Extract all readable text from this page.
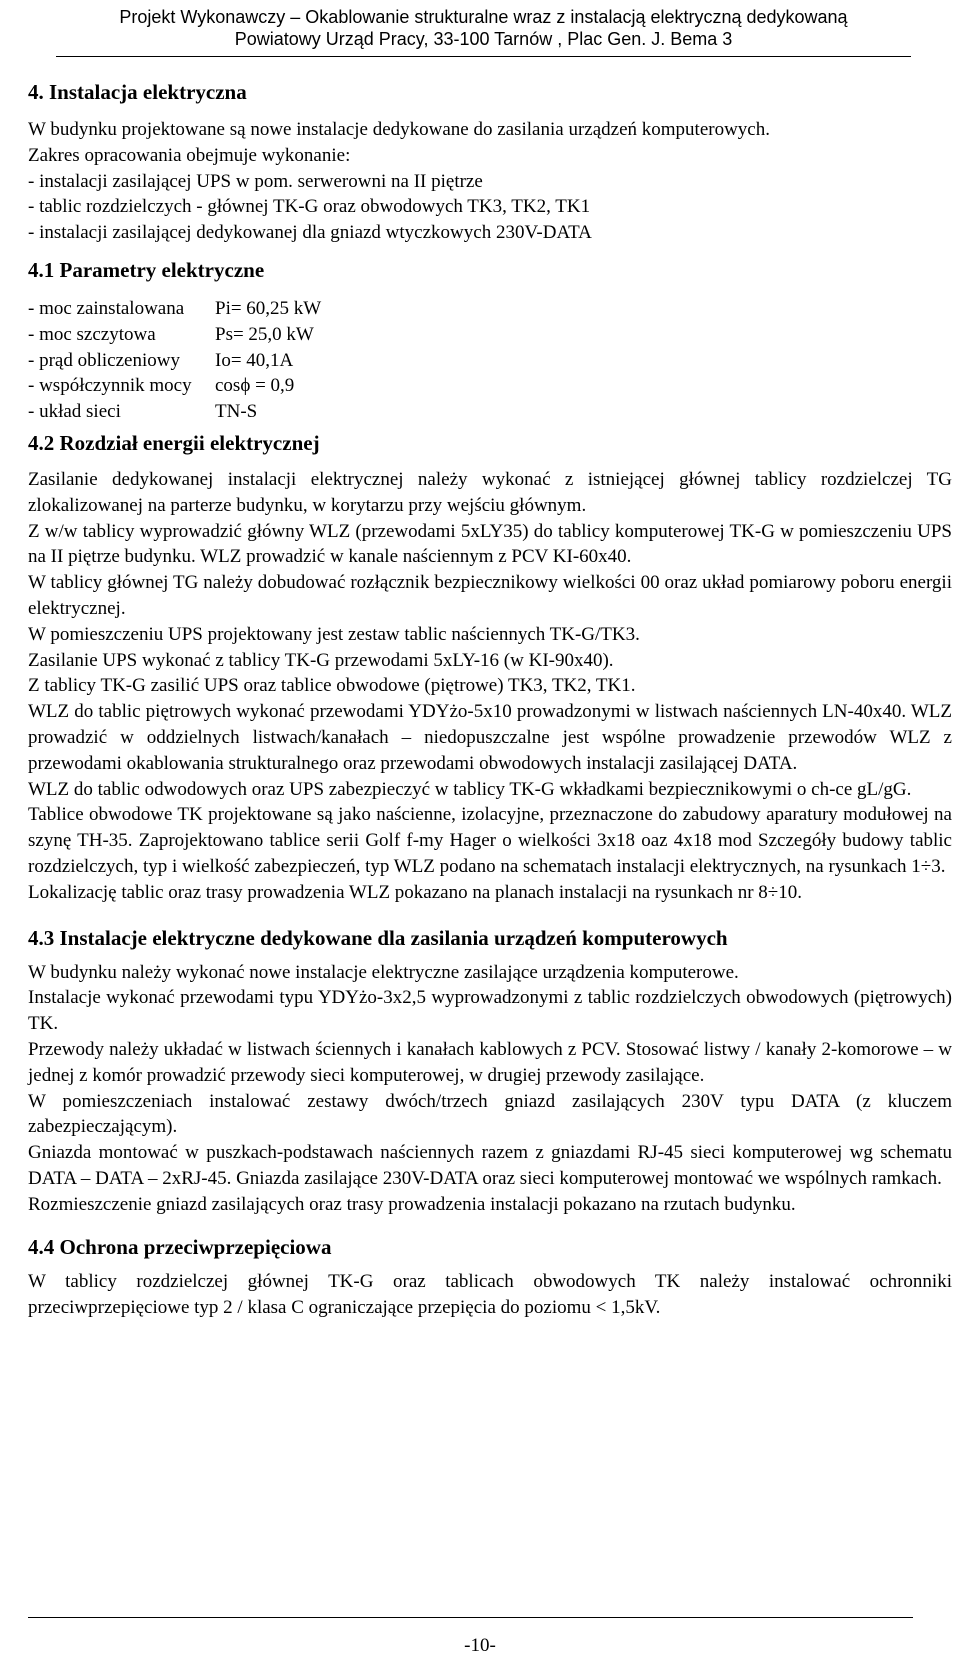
Projekt Wykonawczy – Okablowanie strukturalne wraz z instalacją elektryczną dedykowaną
Powiatowy Urząd Pracy, 33-100 Tarnów , Plac Gen. J. Bema 3
4. Instalacja elektryczna

W budynku projektowane są nowe instalacje dedykowane do zasilania urządzeń komputerowych.

Zakres opracowania obejmuje wykonanie:

- instalacji zasilającej UPS w pom. serwerowni na II piętrze

- tablic rozdzielczych - głównej TK-G oraz obwodowych TK3, TK2, TK1

- instalacji zasilającej dedykowanej dla gniazd wtyczkowych 230V-DATA

4.1 Parametry elektryczne
- moc zainstalowana	Pi= 60,25 kW
- moc szczytowa	Ps= 25,0 kW
- prąd obliczeniowy	Io= 40,1A
- współczynnik mocy	cosϕ = 0,9
- układ sieci	TN-S
4.2 Rozdział energii elektrycznej

Zasilanie dedykowanej instalacji elektrycznej należy wykonać z istniejącej głównej tablicy rozdzielczej TG zlokalizowanej na parterze budynku, w korytarzu przy wejściu głównym.

Z w/w tablicy wyprowadzić główny WLZ (przewodami 5xLY35) do tablicy komputerowej TK-G w pomieszczeniu UPS na II piętrze budynku. WLZ prowadzić w kanale naściennym z PCV KI-60x40.

W tablicy głównej TG należy dobudować rozłącznik bezpiecznikowy wielkości 00 oraz układ pomiarowy poboru energii elektrycznej.

W pomieszczeniu UPS projektowany jest zestaw tablic naściennych TK-G/TK3.

Zasilanie UPS wykonać z tablicy TK-G przewodami 5xLY-16 (w KI-90x40).

Z tablicy TK-G zasilić UPS oraz tablice obwodowe (piętrowe) TK3, TK2, TK1.

WLZ do tablic piętrowych wykonać przewodami YDYżo-5x10 prowadzonymi w listwach naściennych LN-40x40. WLZ prowadzić w oddzielnych listwach/kanałach – niedopuszczalne jest wspólne prowadzenie przewodów WLZ z przewodami okablowania strukturalnego oraz przewodami obwodowych instalacji zasilającej DATA.

WLZ do tablic odwodowych oraz UPS zabezpieczyć w tablicy TK-G wkładkami bezpiecznikowymi o ch-ce gL/gG.

Tablice obwodowe TK projektowane są jako naścienne, izolacyjne, przeznaczone do zabudowy aparatury modułowej na szynę TH-35. Zaprojektowano tablice serii Golf f-my Hager o wielkości 3x18 oaz 4x18 mod Szczegóły budowy tablic rozdzielczych, typ i wielkość zabezpieczeń, typ WLZ podano na schematach instalacji elektrycznych, na rysunkach 1÷3.

Lokalizację tablic oraz trasy prowadzenia WLZ pokazano na planach instalacji na rysunkach nr 8÷10.

4.3 Instalacje elektryczne dedykowane dla zasilania urządzeń komputerowych

W budynku należy wykonać nowe instalacje elektryczne zasilające urządzenia komputerowe.

Instalacje wykonać przewodami typu YDYżo-3x2,5 wyprowadzonymi z tablic rozdzielczych obwodowych (piętrowych) TK.

Przewody należy układać w listwach ściennych i kanałach kablowych z PCV. Stosować listwy / kanały 2-komorowe – w jednej z komór prowadzić przewody sieci komputerowej, w drugiej przewody zasilające.

W pomieszczeniach instalować zestawy dwóch/trzech gniazd zasilających 230V typu DATA (z kluczem zabezpieczającym).

Gniazda montować w puszkach-podstawach naściennych razem z gniazdami RJ-45 sieci komputerowej wg schematu DATA – DATA – 2xRJ-45. Gniazda zasilające 230V-DATA oraz sieci komputerowej montować we wspólnych ramkach.

Rozmieszczenie gniazd zasilających oraz trasy prowadzenia instalacji pokazano na rzutach budynku.

4.4 Ochrona przeciwprzepięciowa

W tablicy rozdzielczej głównej TK-G oraz tablicach obwodowych TK należy instalować ochronniki przeciwprzepięciowe typ 2 / klasa C ograniczające przepięcia do poziomu < 1,5kV.

-10-
